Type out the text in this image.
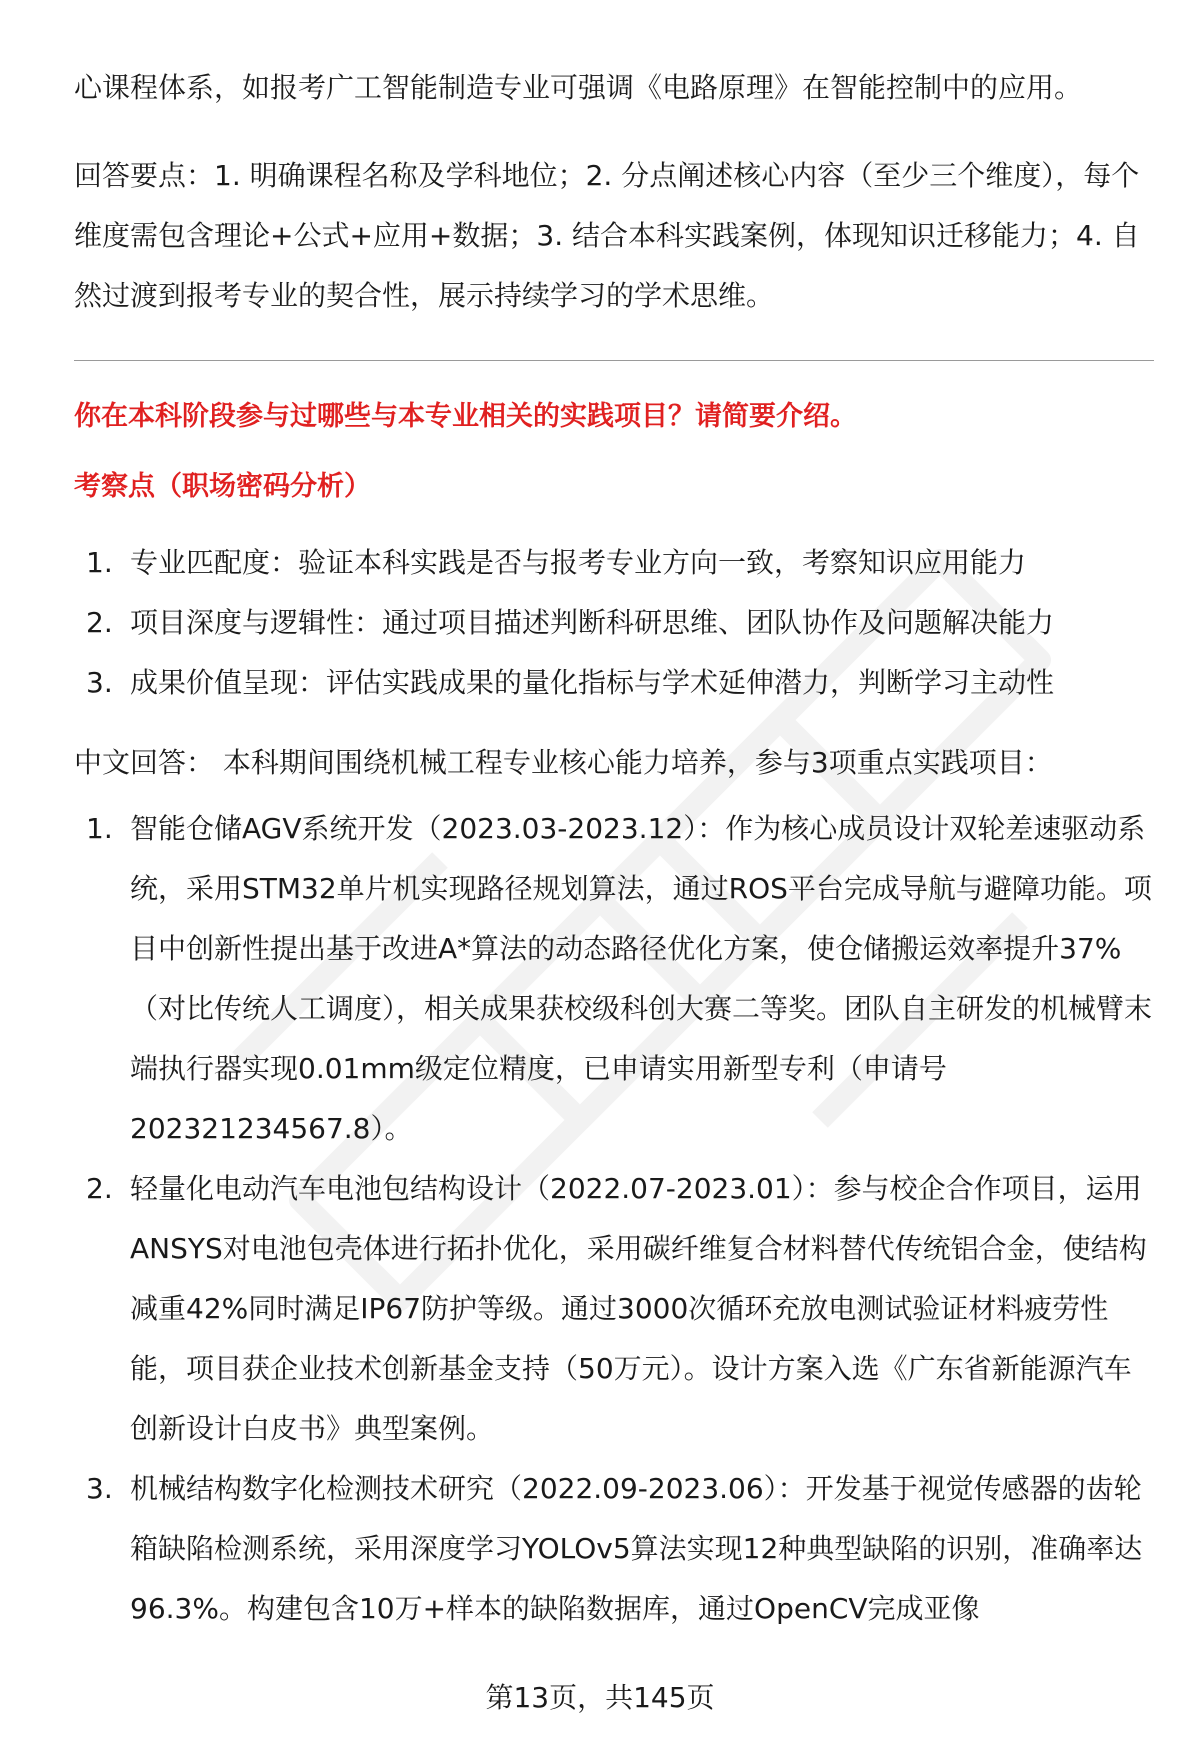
心课程体系，如报考广工智能制造专业可强调《电路原理》在智能控制中的应用。

回答要点：1. 明确课程名称及学科地位；2. 分点阐述核心内容（至少三个维度），每个维度需包含理论+公式+应用+数据；3. 结合本科实践案例，体现知识迁移能力；4. 自然过渡到报考专业的契合性，展示持续学习的学术思维。

你在本科阶段参与过哪些与本专业相关的实践项目？请简要介绍。

考察点（职场密码分析）

1. 专业匹配度：验证本科实践是否与报考专业方向一致，考察知识应用能力
2. 项目深度与逻辑性：通过项目描述判断科研思维、团队协作及问题解决能力
3. 成果价值呈现：评估实践成果的量化指标与学术延伸潜力，判断学习主动性

中文回答： 本科期间围绕机械工程专业核心能力培养，参与3项重点实践项目：

1. 智能仓储AGV系统开发（2023.03-2023.12）：作为核心成员设计双轮差速驱动系统，采用STM32单片机实现路径规划算法，通过ROS平台完成导航与避障功能。项目中创新性提出基于改进A*算法的动态路径优化方案，使仓储搬运效率提升37%（对比传统人工调度），相关成果获校级科创大赛二等奖。团队自主研发的机械臂末端执行器实现0.01mm级定位精度，已申请实用新型专利（申请号202321234567.8）。
2. 轻量化电动汽车电池包结构设计（2022.07-2023.01）：参与校企合作项目，运用ANSYS对电池包壳体进行拓扑优化，采用碳纤维复合材料替代传统铝合金，使结构减重42%同时满足IP67防护等级。通过3000次循环充放电测试验证材料疲劳性能，项目获企业技术创新基金支持（50万元）。设计方案入选《广东省新能源汽车创新设计白皮书》典型案例。
3. 机械结构数字化检测技术研究（2022.09-2023.06）：开发基于视觉传感器的齿轮箱缺陷检测系统，采用深度学习YOLOv5算法实现12种典型缺陷的识别，准确率达96.3%。构建包含10万+样本的缺陷数据库，通过OpenCV完成亚像
第13页，共145页
